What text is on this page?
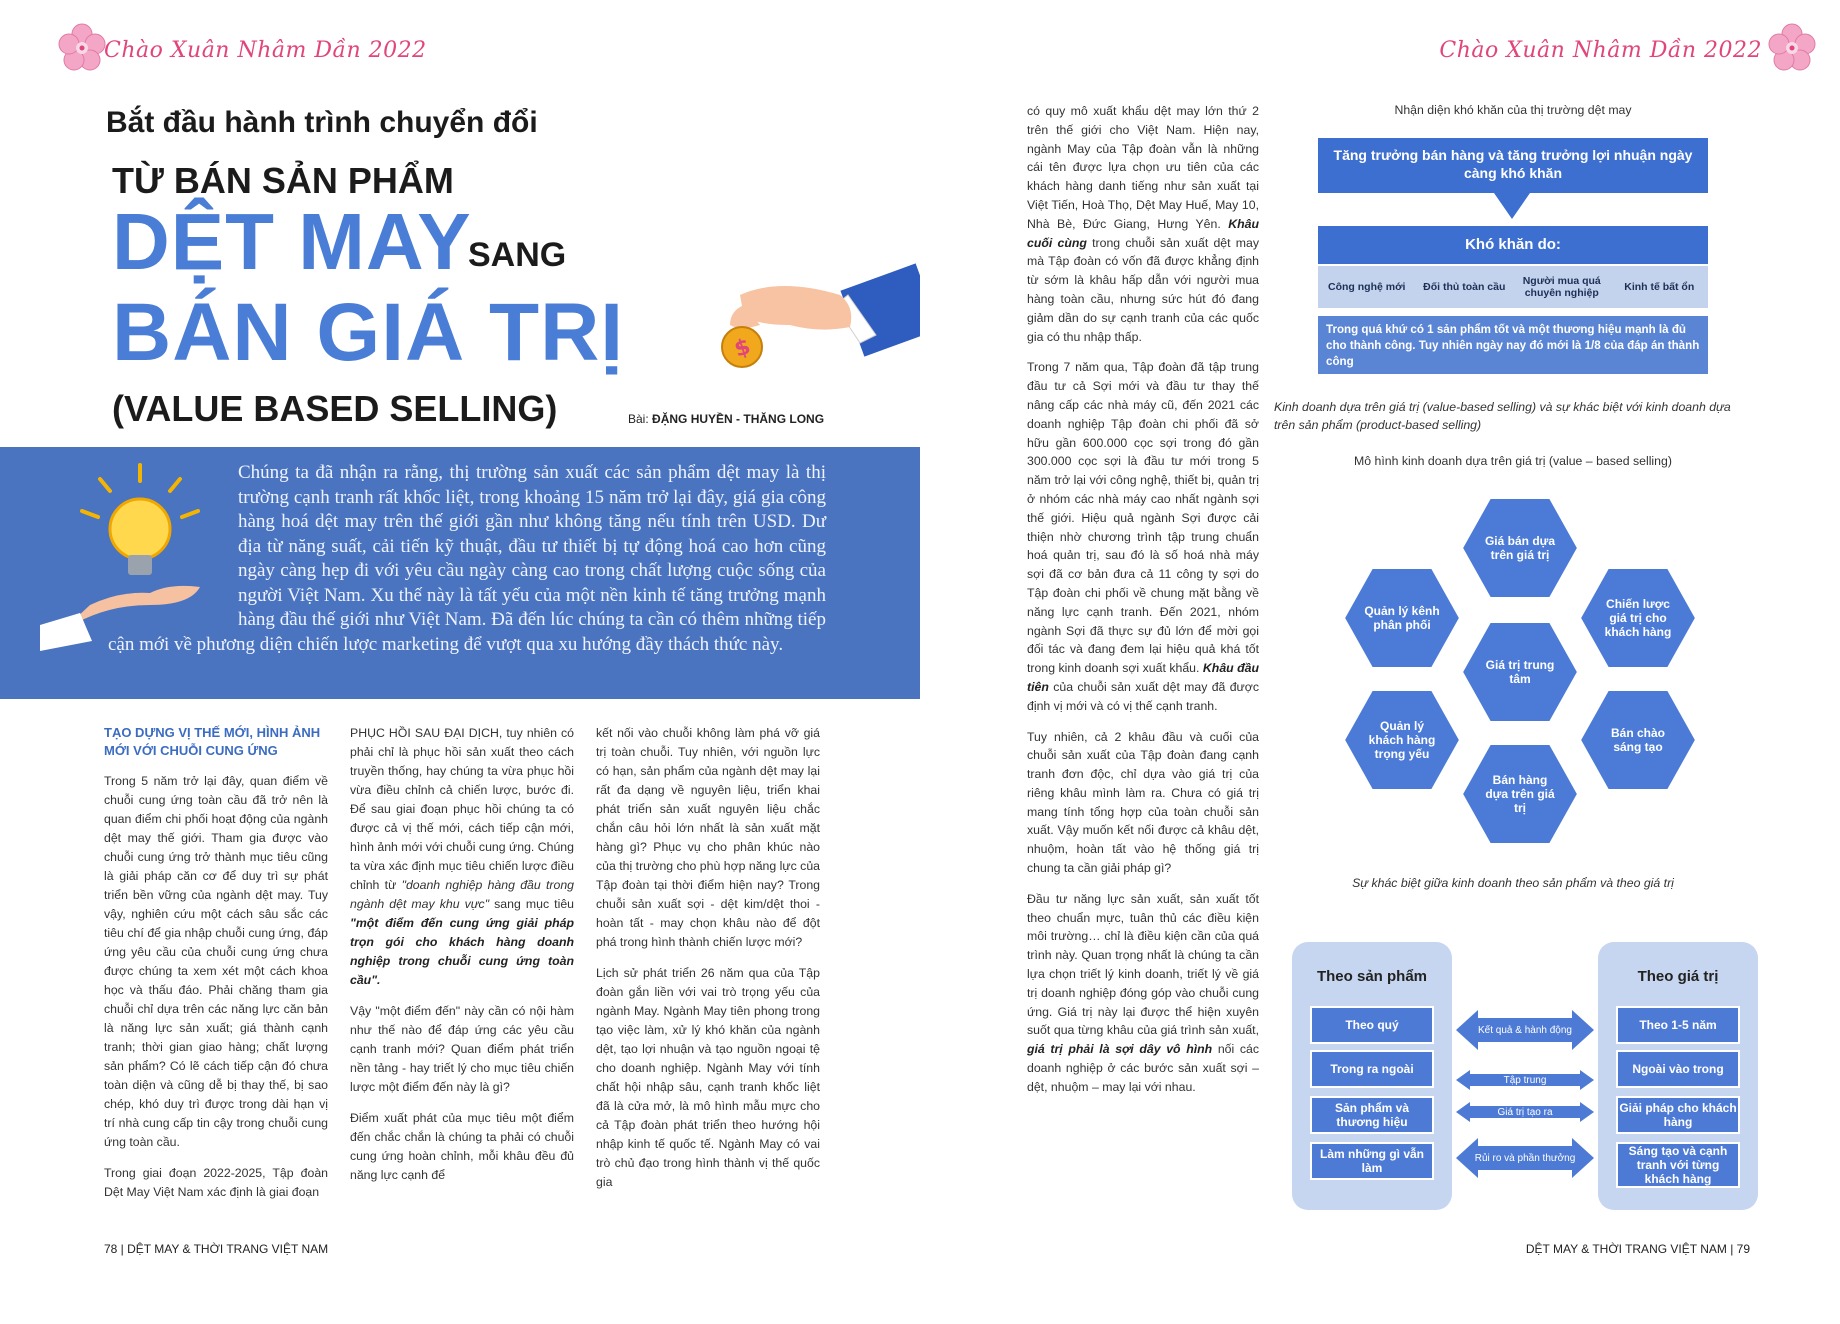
Chào Xuân Nhâm Dần 2022
Bắt đầu hành trình chuyển đổi
TỪ BÁN SẢN PHẨM
DỆT MAY
SANG
BÁN GIÁ TRỊ
(VALUE BASED SELLING)	Bài: ĐẶNG HUYỀN - THĂNG LONG
$
Chúng ta đã nhận ra rằng, thị trường sản xuất các sản phẩm dệt may là thị trường cạnh tranh rất khốc liệt, trong khoảng 15 năm trở lại đây, giá gia công hàng hoá dệt may trên thế giới gần như không tăng nếu tính trên USD. Dư địa từ năng suất, cải tiến kỹ thuật, đầu tư thiết bị tự động hoá cao hơn cũng ngày càng hẹp đi với yêu cầu ngày càng cao trong chất lượng cuộc sống của người Việt Nam. Xu thế này là tất yếu của một nền kinh tế tăng trưởng mạnh hàng đầu thế giới như Việt Nam. Đã đến lúc chúng ta cần có thêm những tiếp cận mới về phương diện chiến lược marketing để vượt qua xu hướng đầy thách thức này.
TẠO DỰNG VỊ THẾ MỚI, HÌNH ẢNH MỚI VỚI CHUỖI CUNG ỨNG

Trong 5 năm trở lại đây, quan điểm về chuỗi cung ứng toàn cầu đã trở nên là quan điểm chi phối hoạt động của ngành dệt may thế giới. Tham gia được vào chuỗi cung ứng trở thành mục tiêu cũng là giải pháp căn cơ để duy trì sự phát triển bền vững của ngành dệt may. Tuy vậy, nghiên cứu một cách sâu sắc các tiêu chí để gia nhập chuỗi cung ứng, đáp ứng yêu cầu của chuỗi cung ứng chưa được chúng ta xem xét một cách khoa học và thấu đáo. Phải chăng tham gia chuỗi chỉ dựa trên các năng lực căn bản là năng lực sản xuất; giá thành cạnh tranh; thời gian giao hàng; chất lượng sản phẩm? Có lẽ cách tiếp cận đó chưa toàn diện và cũng dễ bị thay thế, bị sao chép, khó duy trì được trong dài hạn vị trí nhà cung cấp tin cậy trong chuỗi cung ứng toàn cầu.

Trong giai đoạn 2022-2025, Tập đoàn Dệt May Việt Nam xác định là giai đoạn

PHỤC HỒI SAU ĐẠI DỊCH, tuy nhiên có phải chỉ là phục hồi sản xuất theo cách truyền thống, hay chúng ta vừa phục hồi vừa điều chỉnh cả chiến lược, bước đi. Để sau giai đoạn phục hồi chúng ta có được cả vị thế mới, cách tiếp cận mới, hình ảnh mới với chuỗi cung ứng. Chúng ta vừa xác định mục tiêu chiến lược điều chỉnh từ "doanh nghiệp hàng đầu trong ngành dệt may khu vực" sang mục tiêu "một điểm đến cung ứng giải pháp trọn gói cho khách hàng doanh nghiệp trong chuỗi cung ứng toàn cầu".

Vậy "một điểm đến" này cần có nội hàm như thế nào để đáp ứng các yêu cầu cạnh tranh mới? Quan điểm phát triển nền tảng - hay triết lý cho mục tiêu chiến lược một điểm đến này là gì?

Điểm xuất phát của mục tiêu một điểm đến chắc chắn là chúng ta phải có chuỗi cung ứng hoàn chỉnh, mỗi khâu đều đủ năng lực cạnh để

kết nối vào chuỗi không làm phá vỡ giá trị toàn chuỗi. Tuy nhiên, với nguồn lực có hạn, sản phẩm của ngành dệt may lại rất đa dạng về nguyên liệu, triển khai phát triển sản xuất nguyên liệu chắc chắn câu hỏi lớn nhất là sản xuất mặt hàng gì? Phục vụ cho phân khúc nào của thị trường cho phù hợp năng lực của Tập đoàn tại thời điểm hiện nay? Trong chuỗi sản xuất sợi - dệt kim/dệt thoi - hoàn tất - may chọn khâu nào để đột phá trong hình thành chiến lược mới?

Lịch sử phát triển 26 năm qua của Tập đoàn gắn liền với vai trò trọng yếu của ngành May. Ngành May tiên phong trong tạo việc làm, xử lý khó khăn của ngành dệt, tạo lợi nhuận và tạo nguồn ngoại tệ cho doanh nghiệp. Ngành May với tính chất hội nhập sâu, cạnh tranh khốc liệt đã là cửa mở, là mô hình mẫu mực cho cả Tập đoàn phát triển theo hướng hội nhập kinh tế quốc tế. Ngành May có vai trò chủ đạo trong hình thành vị thế quốc gia

78 | DỆT MAY & THỜI TRANG VIỆT NAM
Chào Xuân Nhâm Dần 2022

có quy mô xuất khẩu dệt may lớn thứ 2 trên thế giới cho Việt Nam. Hiện nay, ngành May của Tập đoàn vẫn là những cái tên được lựa chọn ưu tiên của các khách hàng danh tiếng như sản xuất tại Việt Tiến, Hoà Thọ, Dệt May Huế, May 10, Nhà Bè, Đức Giang, Hưng Yên. Khâu cuối cùng trong chuỗi sản xuất dệt may mà Tập đoàn có vốn đã được khẳng định từ sớm là khâu hấp dẫn với người mua hàng toàn cầu, nhưng sức hút đó đang giảm dần do sự cạnh tranh của các quốc gia có thu nhập thấp.

Trong 7 năm qua, Tập đoàn đã tập trung đầu tư cả Sợi mới và đầu tư thay thế nâng cấp các nhà máy cũ, đến 2021 các doanh nghiệp Tập đoàn chi phối đã sở hữu gần 600.000 cọc sợi trong đó gần 300.000 cọc sợi là đầu tư mới trong 5 năm trở lại với công nghệ, thiết bị, quản trị ở nhóm các nhà máy cao nhất ngành sợi thế giới. Hiệu quả ngành Sợi được cải thiện nhờ chương trình tập trung chuẩn hoá quản trị, sau đó là số hoá nhà máy sợi đã cơ bản đưa cả 11 công ty sợi do Tập đoàn chi phối về chung mặt bằng về năng lực cạnh tranh. Đến 2021, nhóm ngành Sợi đã thực sự đủ lớn để mời gọi đối tác và đang đem lại hiệu quả khá tốt trong kinh doanh sợi xuất khẩu. Khâu đầu tiên của chuỗi sản xuất dệt may đã được định vị mới và có vị thế cạnh tranh.

Tuy nhiên, cả 2 khâu đầu và cuối của chuỗi sản xuất của Tập đoàn đang cạnh tranh đơn độc, chỉ dựa vào giá trị của riêng khâu mình làm ra. Chưa có giá trị mang tính tổng hợp của toàn chuỗi sản xuất. Vậy muốn kết nối được cả khâu dệt, nhuộm, hoàn tất vào hệ thống giá trị chung ta cần giải pháp gì?

Đầu tư năng lực sản xuất, sản xuất tốt theo chuẩn mực, tuân thủ các điều kiện môi trường… chỉ là điều kiện cần của quá trình này. Quan trọng nhất là chúng ta cần lựa chọn triết lý kinh doanh, triết lý về giá trị doanh nghiệp đóng góp vào chuỗi cung ứng. Giá trị này lại được thể hiện xuyên suốt qua từng khâu của giá trình sản xuất, giá trị phải là sợi dây vô hình nối các doanh nghiệp ở các bước sản xuất sợi – dệt, nhuộm – may lại với nhau.

Nhận diện khó khăn của thị trường dệt may
Tăng trưởng bán hàng và tăng trưởng lợi nhuận ngày càng khó khăn
Khó khăn do:
Công nghệ mới	Đối thủ toàn cầu	Người mua quá chuyên nghiệp	Kinh tế bất ổn
Trong quá khứ có 1 sản phẩm tốt và một thương hiệu mạnh là đủ cho thành công. Tuy nhiên ngày nay đó mới là 1/8 của đáp án thành công
Kinh doanh dựa trên giá trị (value-based selling) và sự khác biệt với kinh doanh dựa trên sản phẩm (product-based selling)
Mô hình kinh doanh dựa trên giá trị (value – based selling)
Giá bán dựa trên giá trị
Quản lý kênh phân phối
Chiến lược giá trị cho khách hàng
Giá trị trung tâm
Quản lý khách hàng trọng yếu
Bán chào sáng tạo
Bán hàng dựa trên giá trị
Sự khác biệt giữa kinh doanh theo sản phẩm và theo giá trị
Theo sản phẩm
Theo quý
Trong ra ngoài
Sản phẩm và thương hiệu
Làm những gì vẫn làm
Kết quả & hành động
Tập trung
Giá trị tạo ra
Rủi ro và phần thưởng
Theo giá trị
Theo 1-5 năm
Ngoài vào trong
Giải pháp cho khách hàng
Sáng tạo và cạnh tranh với từng khách hàng
DỆT MAY & THỜI TRANG VIỆT NAM | 79
